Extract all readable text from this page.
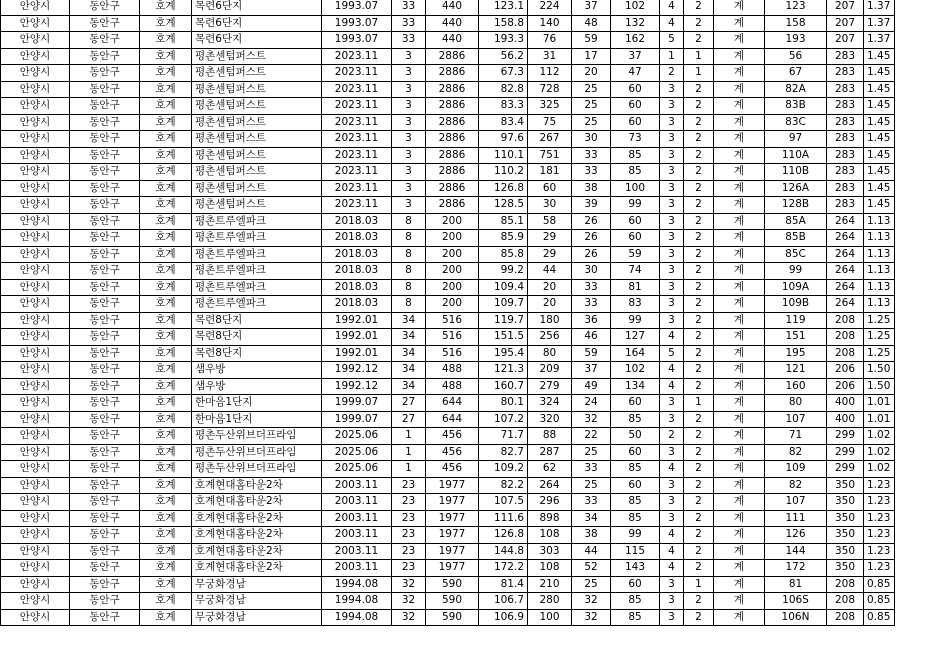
안양시	동안구	호계	목련6단지	1993.07	33	440	123.1	224	37	102	4	2	계	123	207	1.37
안양시	동안구	호계	목련6단지	1993.07	33	440	158.8	140	48	132	4	2	계	158	207	1.37
안양시	동안구	호계	목련6단지	1993.07	33	440	193.3	76	59	162	5	2	계	193	207	1.37
안양시	동안구	호계	평촌센텀퍼스트	2023.11	3	2886	56.2	31	17	37	1	1	계	56	283	1.45
안양시	동안구	호계	평촌센텀퍼스트	2023.11	3	2886	67.3	112	20	47	2	1	계	67	283	1.45
안양시	동안구	호계	평촌센텀퍼스트	2023.11	3	2886	82.8	728	25	60	3	2	계	82A	283	1.45
안양시	동안구	호계	평촌센텀퍼스트	2023.11	3	2886	83.3	325	25	60	3	2	계	83B	283	1.45
안양시	동안구	호계	평촌센텀퍼스트	2023.11	3	2886	83.4	75	25	60	3	2	계	83C	283	1.45
안양시	동안구	호계	평촌센텀퍼스트	2023.11	3	2886	97.6	267	30	73	3	2	계	97	283	1.45
안양시	동안구	호계	평촌센텀퍼스트	2023.11	3	2886	110.1	751	33	85	3	2	계	110A	283	1.45
안양시	동안구	호계	평촌센텀퍼스트	2023.11	3	2886	110.2	181	33	85	3	2	계	110B	283	1.45
안양시	동안구	호계	평촌센텀퍼스트	2023.11	3	2886	126.8	60	38	100	3	2	계	126A	283	1.45
안양시	동안구	호계	평촌센텀퍼스트	2023.11	3	2886	128.5	30	39	99	3	2	계	128B	283	1.45
안양시	동안구	호계	평촌트루엘파크	2018.03	8	200	85.1	58	26	60	3	2	계	85A	264	1.13
안양시	동안구	호계	평촌트루엘파크	2018.03	8	200	85.9	29	26	60	3	2	계	85B	264	1.13
안양시	동안구	호계	평촌트루엘파크	2018.03	8	200	85.8	29	26	59	3	2	계	85C	264	1.13
안양시	동안구	호계	평촌트루엘파크	2018.03	8	200	99.2	44	30	74	3	2	계	99	264	1.13
안양시	동안구	호계	평촌트루엘파크	2018.03	8	200	109.4	20	33	81	3	2	계	109A	264	1.13
안양시	동안구	호계	평촌트루엘파크	2018.03	8	200	109.7	20	33	83	3	2	계	109B	264	1.13
안양시	동안구	호계	목련8단지	1992.01	34	516	119.7	180	36	99	3	2	계	119	208	1.25
안양시	동안구	호계	목련8단지	1992.01	34	516	151.5	256	46	127	4	2	계	151	208	1.25
안양시	동안구	호계	목련8단지	1992.01	34	516	195.4	80	59	164	5	2	계	195	208	1.25
안양시	동안구	호계	샘우방	1992.12	34	488	121.3	209	37	102	4	2	계	121	206	1.50
안양시	동안구	호계	샘우방	1992.12	34	488	160.7	279	49	134	4	2	계	160	206	1.50
안양시	동안구	호계	한마음1단지	1999.07	27	644	80.1	324	24	60	3	1	계	80	400	1.01
안양시	동안구	호계	한마음1단지	1999.07	27	644	107.2	320	32	85	3	2	계	107	400	1.01
안양시	동안구	호계	평촌두산위브더프라임	2025.06	1	456	71.7	88	22	50	2	2	계	71	299	1.02
안양시	동안구	호계	평촌두산위브더프라임	2025.06	1	456	82.7	287	25	60	3	2	계	82	299	1.02
안양시	동안구	호계	평촌두산위브더프라임	2025.06	1	456	109.2	62	33	85	4	2	계	109	299	1.02
안양시	동안구	호계	호계현대홈타운2차	2003.11	23	1977	82.2	264	25	60	3	2	계	82	350	1.23
안양시	동안구	호계	호계현대홈타운2차	2003.11	23	1977	107.5	296	33	85	3	2	계	107	350	1.23
안양시	동안구	호계	호계현대홈타운2차	2003.11	23	1977	111.6	898	34	85	3	2	계	111	350	1.23
안양시	동안구	호계	호계현대홈타운2차	2003.11	23	1977	126.8	108	38	99	4	2	계	126	350	1.23
안양시	동안구	호계	호계현대홈타운2차	2003.11	23	1977	144.8	303	44	115	4	2	계	144	350	1.23
안양시	동안구	호계	호계현대홈타운2차	2003.11	23	1977	172.2	108	52	143	4	2	계	172	350	1.23
안양시	동안구	호계	무궁화경남	1994.08	32	590	81.4	210	25	60	3	1	계	81	208	0.85
안양시	동안구	호계	무궁화경남	1994.08	32	590	106.7	280	32	85	3	2	계	106S	208	0.85
안양시	동안구	호계	무궁화경남	1994.08	32	590	106.9	100	32	85	3	2	계	106N	208	0.85
